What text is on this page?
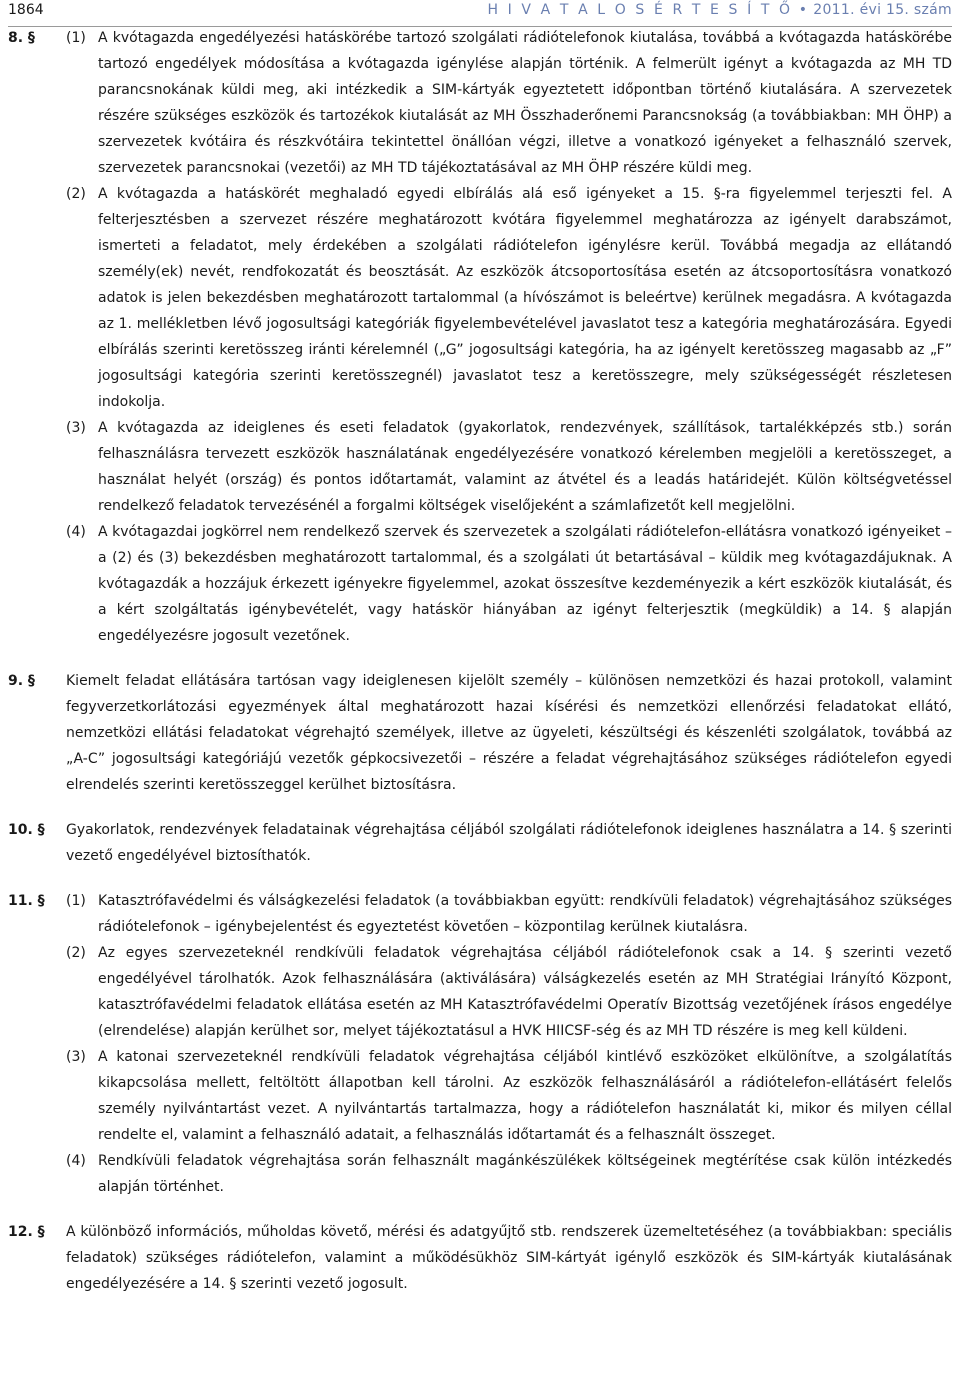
1864	H I V A T A L O S É R T E S Í T Ő • 2011. évi 15. szám
8. §	(1) A kvótagazda engedélyezési hatáskörébe tartozó szolgálati rádiótelefonok kiutalása, továbbá a kvótagazda hatáskörébe tartozó engedélyek módosítása a kvótagazda igénylése alapján történik. A felmerült igényt a kvótagazda az MH TD parancsnokának küldi meg, aki intézkedik a SIM-kártyák egyeztetett időpontban történő kiutalására. A szervezetek részére szükséges eszközök és tartozékok kiutalását az MH Összhaderőnemi Parancsnokság (a továbbiakban: MH ÖHP) a szervezetek kvótáira és részkvótáira tekintettel önállóan végzi, illetve a vonatkozó igényeket a felhasználó szervek, szervezetek parancsnokai (vezetői) az MH TD tájékoztatásával az MH ÖHP részére küldi meg.
(2) A kvótagazda a hatáskörét meghaladó egyedi elbírálás alá eső igényeket a 15. §-ra figyelemmel terjeszti fel. A felterjesztésben a szervezet részére meghatározott kvótára figyelemmel meghatározza az igényelt darabszámot, ismerteti a feladatot, mely érdekében a szolgálati rádiótelefon igénylésre kerül. Továbbá megadja az ellátandó személy(ek) nevét, rendfokozatát és beosztását. Az eszközök átcsoportosítása esetén az átcsoportosításra vonatkozó adatok is jelen bekezdésben meghatározott tartalommal (a hívószámot is beleértve) kerülnek megadásra. A kvótagazda az 1. mellékletben lévő jogosultsági kategóriák figyelembevételével javaslatot tesz a kategória meghatározására. Egyedi elbírálás szerinti keretösszeg iránti kérelemnél („G” jogosultsági kategória, ha az igényelt keretösszeg magasabb az „F” jogosultsági kategória szerinti keretösszegnél) javaslatot tesz a keretösszegre, mely szükségességét részletesen indokolja.
(3) A kvótagazda az ideiglenes és eseti feladatok (gyakorlatok, rendezvények, szállítások, tartalékképzés stb.) során felhasználásra tervezett eszközök használatának engedélyezésére vonatkozó kérelemben megjelöli a keretösszeget, a használat helyét (ország) és pontos időtartamát, valamint az átvétel és a leadás határidejét. Külön költségvetéssel rendelkező feladatok tervezésénél a forgalmi költségek viselőjeként a számlafizetőt kell megjelölni.
(4) A kvótagazdai jogkörrel nem rendelkező szervek és szervezetek a szolgálati rádiótelefon-ellátásra vonatkozó igényeiket – a (2) és (3) bekezdésben meghatározott tartalommal, és a szolgálati út betartásával – küldik meg kvótagazdájuknak. A kvótagazdák a hozzájuk érkezett igényekre figyelemmel, azokat összesítve kezdeményezik a kért eszközök kiutalását, és a kért szolgáltatás igénybevételét, vagy hatáskör hiányában az igényt felterjesztik (megküldik) a 14. § alapján engedélyezésre jogosult vezetőnek.
9. §	Kiemelt feladat ellátására tartósan vagy ideiglenesen kijelölt személy – különösen nemzetközi és hazai protokoll, valamint fegyverzetkorlátozási egyezmények által meghatározott hazai kísérési és nemzetközi ellenőrzési feladatokat ellátó, nemzetközi ellátási feladatokat végrehajtó személyek, illetve az ügyeleti, készültségi és készenléti szolgálatok, továbbá az „A-C” jogosultsági kategóriájú vezetők gépkocsivezetői – részére a feladat végrehajtásához szükséges rádiótelefon egyedi elrendelés szerinti keretösszeggel kerülhet biztosításra.
10. § Gyakorlatok, rendezvények feladatainak végrehajtása céljából szolgálati rádiótelefonok ideiglenes használatra a 14. § szerinti vezető engedélyével biztosíthatók.
11. § (1) Katasztrófavédelmi és válságkezelési feladatok (a továbbiakban együtt: rendkívüli feladatok) végrehajtásához szükséges rádiótelefonok – igénybejelentést és egyeztetést követően – központilag kerülnek kiutalásra.
(2) Az egyes szervezeteknél rendkívüli feladatok végrehajtása céljából rádiótelefonok csak a 14. § szerinti vezető engedélyével tárolhatók. Azok felhasználására (aktiválására) válságkezelés esetén az MH Stratégiai Irányító Központ, katasztrófavédelmi feladatok ellátása esetén az MH Katasztrófavédelmi Operatív Bizottság vezetőjének írásos engedélye (elrendelése) alapján kerülhet sor, melyet tájékoztatásul a HVK HIICSF-ség és az MH TD részére is meg kell küldeni.
(3) A katonai szervezeteknél rendkívüli feladatok végrehajtása céljából kintlévő eszközöket elkülönítve, a szolgálatítás kikapcsolása mellett, feltöltött állapotban kell tárolni. Az eszközök felhasználásáról a rádiótelefon-ellátásért felelős személy nyilvántartást vezet. A nyilvántartás tartalmazza, hogy a rádiótelefon használatát ki, mikor és milyen céllal rendelte el, valamint a felhasználó adatait, a felhasználás időtartamát és a felhasznált összeget.
(4) Rendkívüli feladatok végrehajtása során felhasznált magánkészülékek költségeinek megtérítése csak külön intézkedés alapján történhet.
12. § A különböző információs, műholdas követő, mérési és adatgyűjtő stb. rendszerek üzemeltetéséhez (a továbbiakban: speciális feladatok) szükséges rádiótelefon, valamint a működésükhöz SIM-kártyát igénylő eszközök és SIM-kártyák kiutalásának engedélyezésére a 14. § szerinti vezető jogosult.
